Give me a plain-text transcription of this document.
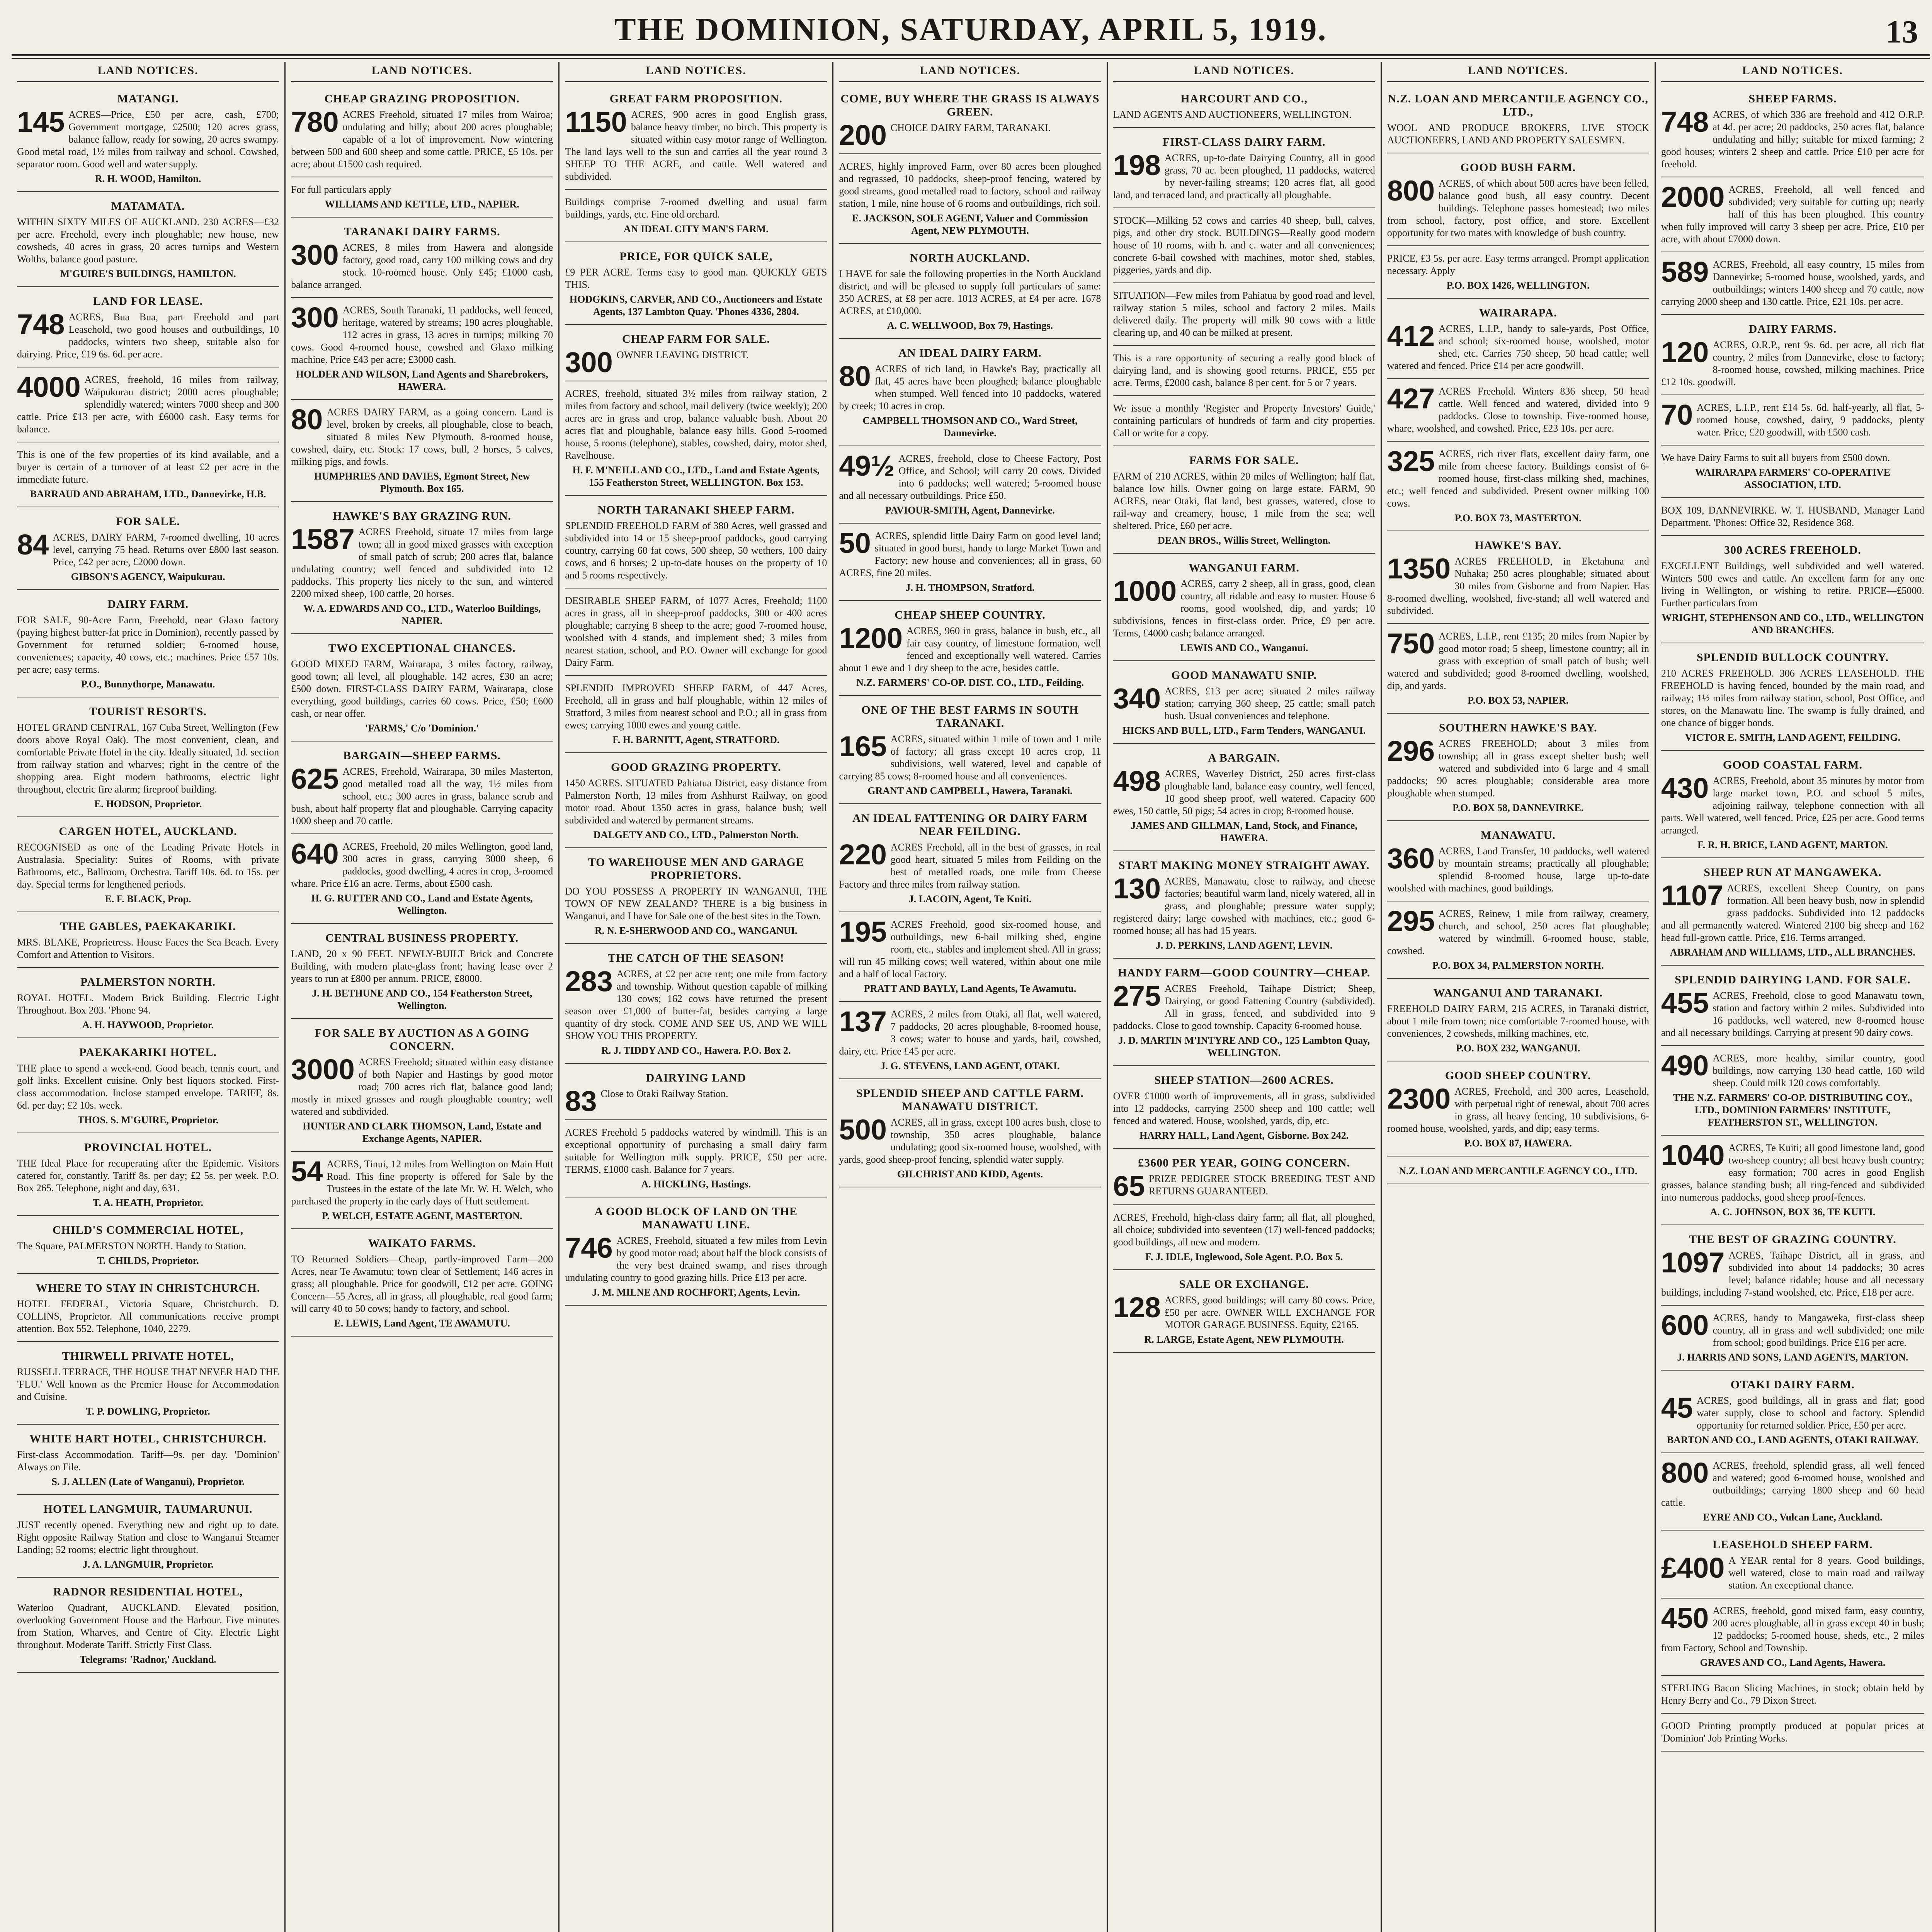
THE DOMINION, SATURDAY, APRIL 5, 1919.	13
LAND NOTICES.
MATANGI.
145 ACRES—Price, £50 per acre, cash, £700; Government mortgage, £2500; 120 acres grass, balance fallow, ready for sowing, 20 acres swampy. Good metal road, 1½ miles from railway and school. Cowshed, separator room. Good well and water supply.
R. H. WOOD, Hamilton.
MATAMATA.
WITHIN SIXTY MILES OF AUCKLAND. 230 ACRES—£32 per acre. Freehold, every inch ploughable; new house, new cowsheds, 40 acres in grass, 20 acres turnips and Western Wolths, balance good pasture.
M'GUIRE'S BUILDINGS, HAMILTON.
LAND FOR LEASE.
748 ACRES, Bua Bua, part Freehold and part Leasehold, two good houses and outbuildings, 10 paddocks, winters two sheep, suitable also for dairying. Price, £19 6s. 6d. per acre.
4000 ACRES, freehold, 16 miles from railway, Waipukurau district; 2000 acres ploughable; splendidly watered; winters 7000 sheep and 300 cattle. Price £13 per acre, with £6000 cash. Easy terms for balance.
This is one of the few properties of its kind available, and a buyer is certain of a turnover of at least £2 per acre in the immediate future.
BARRAUD AND ABRAHAM, LTD., Dannevirke, H.B.
FOR SALE.
84 ACRES, DAIRY FARM, 7-roomed dwelling, 10 acres level, carrying 75 head. Returns over £800 last season. Price, £42 per acre, £2000 down.
GIBSON'S AGENCY, Waipukurau.
DAIRY FARM.
FOR SALE, 90-Acre Farm, Freehold, near Glaxo factory (paying highest butter-fat price in Dominion), recently passed by Government for returned soldier; 6-roomed house, conveniences; capacity, 40 cows, etc.; machines. Price £57 10s. per acre; easy terms.
P.O., Bunnythorpe, Manawatu.
TOURIST RESORTS.
HOTEL GRAND CENTRAL, 167 Cuba Street, Wellington (Few doors above Royal Oak). The most convenient, clean, and comfortable Private Hotel in the city. Ideally situated, 1d. section from railway station and wharves; right in the centre of the shopping area. Eight modern bathrooms, electric light throughout, electric fire alarm; fireproof building.
E. HODSON, Proprietor.
CARGEN HOTEL, AUCKLAND.
RECOGNISED as one of the Leading Private Hotels in Australasia. Speciality: Suites of Rooms, with private Bathrooms, etc., Ballroom, Orchestra. Tariff 10s. 6d. to 15s. per day. Special terms for lengthened periods.
E. F. BLACK, Prop.
THE GABLES, PAEKAKARIKI.
MRS. BLAKE, Proprietress. House Faces the Sea Beach. Every Comfort and Attention to Visitors.
PALMERSTON NORTH.
ROYAL HOTEL. Modern Brick Building. Electric Light Throughout. Box 203. 'Phone 94.
A. H. HAYWOOD, Proprietor.
PAEKAKARIKI HOTEL.
THE place to spend a week-end. Good beach, tennis court, and golf links. Excellent cuisine. Only best liquors stocked. First-class accommodation. Inclose stamped envelope. TARIFF, 8s. 6d. per day; £2 10s. week.
THOS. S. M'GUIRE, Proprietor.
PROVINCIAL HOTEL.
THE Ideal Place for recuperating after the Epidemic. Visitors catered for, constantly. Tariff 8s. per day; £2 5s. per week. P.O. Box 265. Telephone, night and day, 631.
T. A. HEATH, Proprietor.
CHILD'S COMMERCIAL HOTEL,
The Square, PALMERSTON NORTH. Handy to Station.
T. CHILDS, Proprietor.
WHERE TO STAY IN CHRISTCHURCH.
HOTEL FEDERAL, Victoria Square, Christchurch. D. COLLINS, Proprietor. All communications receive prompt attention. Box 552. Telephone, 1040, 2279.
THIRWELL PRIVATE HOTEL,
RUSSELL TERRACE, THE HOUSE THAT NEVER HAD THE 'FLU.' Well known as the Premier House for Accommodation and Cuisine.
T. P. DOWLING, Proprietor.
WHITE HART HOTEL, CHRISTCHURCH.
First-class Accommodation. Tariff—9s. per day. 'Dominion' Always on File.
S. J. ALLEN (Late of Wanganui), Proprietor.
HOTEL LANGMUIR, TAUMARUNUI.
JUST recently opened. Everything new and right up to date. Right opposite Railway Station and close to Wanganui Steamer Landing; 52 rooms; electric light throughout.
J. A. LANGMUIR, Proprietor.
RADNOR RESIDENTIAL HOTEL,
Waterloo Quadrant, AUCKLAND. Elevated position, overlooking Government House and the Harbour. Five minutes from Station, Wharves, and Centre of City. Electric Light throughout. Moderate Tariff. Strictly First Class.
Telegrams: 'Radnor,' Auckland.
LAND NOTICES.
CHEAP GRAZING PROPOSITION.
780 ACRES Freehold, situated 17 miles from Wairoa; undulating and hilly; about 200 acres ploughable; capable of a lot of improvement. Now wintering between 500 and 600 sheep and some cattle. PRICE, £5 10s. per acre; about £1500 cash required.
For full particulars apply
WILLIAMS AND KETTLE, LTD., NAPIER.
TARANAKI DAIRY FARMS.
300 ACRES, 8 miles from Hawera and alongside factory, good road, carry 100 milking cows and dry stock. 10-roomed house. Only £45; £1000 cash, balance arranged.
300 ACRES, South Taranaki, 11 paddocks, well fenced, heritage, watered by streams; 190 acres ploughable, 112 acres in grass, 13 acres in turnips; milking 70 cows. Good 4-roomed house, cowshed and Glaxo milking machine. Price £43 per acre; £3000 cash.
HOLDER AND WILSON, Land Agents and Sharebrokers, HAWERA.
80 ACRES DAIRY FARM, as a going concern. Land is level, broken by creeks, all ploughable, close to beach, situated 8 miles New Plymouth. 8-roomed house, cowshed, dairy, etc. Stock: 17 cows, bull, 2 horses, 5 calves, milking pigs, and fowls.
HUMPHRIES AND DAVIES, Egmont Street, New Plymouth. Box 165.
HAWKE'S BAY GRAZING RUN.
1587 ACRES Freehold, situate 17 miles from large town; all in good mixed grasses with exception of small patch of scrub; 200 acres flat, balance undulating country; well fenced and subdivided into 12 paddocks. This property lies nicely to the sun, and wintered 2200 mixed sheep, 100 cattle, 20 horses.
W. A. EDWARDS AND CO., LTD., Waterloo Buildings, NAPIER.
TWO EXCEPTIONAL CHANCES.
GOOD MIXED FARM, Wairarapa, 3 miles factory, railway, good town; all level, all ploughable. 142 acres, £30 an acre; £500 down. FIRST-CLASS DAIRY FARM, Wairarapa, close everything, good buildings, carries 60 cows. Price, £50; £600 cash, or near offer.
'FARMS,' C/o 'Dominion.'
BARGAIN—SHEEP FARMS.
625 ACRES, Freehold, Wairarapa, 30 miles Masterton, good metalled road all the way, 1½ miles from school, etc.; 300 acres in grass, balance scrub and bush, about half property flat and ploughable. Carrying capacity 1000 sheep and 70 cattle.
640 ACRES, Freehold, 20 miles Wellington, good land, 300 acres in grass, carrying 3000 sheep, 6 paddocks, good dwelling, 4 acres in crop, 3-roomed whare. Price £16 an acre. Terms, about £500 cash.
H. G. RUTTER AND CO., Land and Estate Agents, Wellington.
CENTRAL BUSINESS PROPERTY.
LAND, 20 x 90 FEET. NEWLY-BUILT Brick and Concrete Building, with modern plate-glass front; having lease over 2 years to run at £800 per annum. PRICE, £8000.
J. H. BETHUNE AND CO., 154 Featherston Street, Wellington.
FOR SALE BY AUCTION AS A GOING CONCERN.
3000 ACRES Freehold; situated within easy distance of both Napier and Hastings by good motor road; 700 acres rich flat, balance good land; mostly in mixed grasses and rough ploughable country; well watered and subdivided.
HUNTER AND CLARK THOMSON, Land, Estate and Exchange Agents, NAPIER.
54 ACRES, Tinui, 12 miles from Wellington on Main Hutt Road. This fine property is offered for Sale by the Trustees in the estate of the late Mr. W. H. Welch, who purchased the property in the early days of Hutt settlement.
P. WELCH, ESTATE AGENT, MASTERTON.
WAIKATO FARMS.
TO Returned Soldiers—Cheap, partly-improved Farm—200 Acres, near Te Awamutu; town clear of Settlement; 146 acres in grass; all ploughable. Price for goodwill, £12 per acre. GOING Concern—55 Acres, all in grass, all ploughable, real good farm; will carry 40 to 50 cows; handy to factory, and school.
E. LEWIS, Land Agent, TE AWAMUTU.
LAND NOTICES.
GREAT FARM PROPOSITION.
1150 ACRES, 900 acres in good English grass, balance heavy timber, no birch. This property is situated within easy motor range of Wellington. The land lays well to the sun and carries all the year round 3 SHEEP TO THE ACRE, and cattle. Well watered and subdivided.
Buildings comprise 7-roomed dwelling and usual farm buildings, yards, etc. Fine old orchard.
AN IDEAL CITY MAN'S FARM.
PRICE, FOR QUICK SALE,
£9 PER ACRE. Terms easy to good man. QUICKLY GETS THIS.
HODGKINS, CARVER, AND CO., Auctioneers and Estate Agents, 137 Lambton Quay. 'Phones 4336, 2804.
CHEAP FARM FOR SALE.
300 OWNER LEAVING DISTRICT.
ACRES, freehold, situated 3½ miles from railway station, 2 miles from factory and school, mail delivery (twice weekly); 200 acres are in grass and crop, balance valuable bush. About 20 acres flat and ploughable, balance easy hills. Good 5-roomed house, 5 rooms (telephone), stables, cowshed, dairy, motor shed, Ravelhouse.
H. F. M'NEILL AND CO., LTD., Land and Estate Agents, 155 Featherston Street, WELLINGTON. Box 153.
NORTH TARANAKI SHEEP FARM.
SPLENDID FREEHOLD FARM of 380 Acres, well grassed and subdivided into 14 or 15 sheep-proof paddocks, good carrying country, carrying 60 fat cows, 500 sheep, 50 wethers, 100 dairy cows, and 6 horses; 2 up-to-date houses on the property of 10 and 5 rooms respectively.
DESIRABLE SHEEP FARM, of 1077 Acres, Freehold; 1100 acres in grass, all in sheep-proof paddocks, 300 or 400 acres ploughable; carrying 8 sheep to the acre; good 7-roomed house, woolshed with 4 stands, and implement shed; 3 miles from nearest station, school, and P.O. Owner will exchange for good Dairy Farm.
SPLENDID IMPROVED SHEEP FARM, of 447 Acres, Freehold, all in grass and half ploughable, within 12 miles of Stratford, 3 miles from nearest school and P.O.; all in grass from ewes; carrying 1000 ewes and young cattle.
F. H. BARNITT, Agent, STRATFORD.
GOOD GRAZING PROPERTY.
1450 ACRES. SITUATED Pahiatua District, easy distance from Palmerston North, 13 miles from Ashhurst Railway, on good motor road. About 1350 acres in grass, balance bush; well subdivided and watered by permanent streams.
DALGETY AND CO., LTD., Palmerston North.
TO WAREHOUSE MEN AND GARAGE PROPRIETORS.
DO YOU POSSESS A PROPERTY IN WANGANUI, THE TOWN OF NEW ZEALAND? THERE is a big business in Wanganui, and I have for Sale one of the best sites in the Town.
R. N. E-SHERWOOD AND CO., WANGANUI.
THE CATCH OF THE SEASON!
283 ACRES, at £2 per acre rent; one mile from factory and township. Without question capable of milking 130 cows; 162 cows have returned the present season over £1,000 of butter-fat, besides carrying a large quantity of dry stock. COME AND SEE US, AND WE WILL SHOW YOU THIS PROPERTY.
R. J. TIDDY AND CO., Hawera. P.O. Box 2.
DAIRYING LAND
83 Close to Otaki Railway Station.
ACRES Freehold 5 paddocks watered by windmill. This is an exceptional opportunity of purchasing a small dairy farm suitable for Wellington milk supply. PRICE, £50 per acre. TERMS, £1000 cash. Balance for 7 years.
A. HICKLING, Hastings.
A GOOD BLOCK OF LAND ON THE MANAWATU LINE.
746 ACRES, Freehold, situated a few miles from Levin by good motor road; about half the block consists of the very best drained swamp, and rises through undulating country to good grazing hills. Price £13 per acre.
J. M. MILNE AND ROCHFORT, Agents, Levin.
LAND NOTICES.
COME, BUY WHERE THE GRASS IS ALWAYS GREEN.
200 CHOICE DAIRY FARM, TARANAKI.
ACRES, highly improved Farm, over 80 acres been ploughed and regrassed, 10 paddocks, sheep-proof fencing, watered by good streams, good metalled road to factory, school and railway station, 1 mile, nine house of 6 rooms and outbuildings, rich soil.
E. JACKSON, SOLE AGENT, Valuer and Commission Agent, NEW PLYMOUTH.
NORTH AUCKLAND.
I HAVE for sale the following properties in the North Auckland district, and will be pleased to supply full particulars of same: 350 ACRES, at £8 per acre. 1013 ACRES, at £4 per acre. 1678 ACRES, at £10,000.
A. C. WELLWOOD, Box 79, Hastings.
AN IDEAL DAIRY FARM.
80 ACRES of rich land, in Hawke's Bay, practically all flat, 45 acres have been ploughed; balance ploughable when stumped. Well fenced into 10 paddocks, watered by creek; 10 acres in crop.
CAMPBELL THOMSON AND CO., Ward Street, Dannevirke.
49½ ACRES, freehold, close to Cheese Factory, Post Office, and School; will carry 20 cows. Divided into 6 paddocks; well watered; 5-roomed house and all necessary outbuildings. Price £50.
PAVIOUR-SMITH, Agent, Dannevirke.
50 ACRES, splendid little Dairy Farm on good level land; situated in good burst, handy to large Market Town and Factory; new house and conveniences; all in grass, 60 ACRES, fine 20 miles.
J. H. THOMPSON, Stratford.
CHEAP SHEEP COUNTRY.
1200 ACRES, 960 in grass, balance in bush, etc., all fair easy country, of limestone formation, well fenced and exceptionally well watered. Carries about 1 ewe and 1 dry sheep to the acre, besides cattle.
N.Z. FARMERS' CO-OP. DIST. CO., LTD., Feilding.
ONE OF THE BEST FARMS IN SOUTH TARANAKI.
165 ACRES, situated within 1 mile of town and 1 mile of factory; all grass except 10 acres crop, 11 subdivisions, well watered, level and capable of carrying 85 cows; 8-roomed house and all conveniences.
GRANT AND CAMPBELL, Hawera, Taranaki.
AN IDEAL FATTENING OR DAIRY FARM NEAR FEILDING.
220 ACRES Freehold, all in the best of grasses, in real good heart, situated 5 miles from Feilding on the best of metalled roads, one mile from Cheese Factory and three miles from railway station.
J. LACOIN, Agent, Te Kuiti.
195 ACRES Freehold, good six-roomed house, and outbuildings, new 6-bail milking shed, engine room, etc., stables and implement shed. All in grass; will run 45 milking cows; well watered, within about one mile and a half of local Factory.
PRATT AND BAYLY, Land Agents, Te Awamutu.
137 ACRES, 2 miles from Otaki, all flat, well watered, 7 paddocks, 20 acres ploughable, 8-roomed house, 3 cows; water to house and yards, bail, cowshed, dairy, etc. Price £45 per acre.
J. G. STEVENS, LAND AGENT, OTAKI.
SPLENDID SHEEP AND CATTLE FARM. MANAWATU DISTRICT.
500 ACRES, all in grass, except 100 acres bush, close to township, 350 acres ploughable, balance undulating; good six-roomed house, woolshed, with yards, good sheep-proof fencing, splendid water supply.
GILCHRIST AND KIDD, Agents.
LAND NOTICES.
HARCOURT AND CO.,
LAND AGENTS AND AUCTIONEERS, WELLINGTON.
FIRST-CLASS DAIRY FARM.
198 ACRES, up-to-date Dairying Country, all in good grass, 70 ac. been ploughed, 11 paddocks, watered by never-failing streams; 120 acres flat, all good land, and terraced land, and practically all ploughable.
STOCK—Milking 52 cows and carries 40 sheep, bull, calves, pigs, and other dry stock. BUILDINGS—Really good modern house of 10 rooms, with h. and c. water and all conveniences; concrete 6-bail cowshed with machines, motor shed, stables, piggeries, yards and dip.
SITUATION—Few miles from Pahiatua by good road and level, railway station 5 miles, school and factory 2 miles. Mails delivered daily. The property will milk 90 cows with a little clearing up, and 40 can be milked at present.
This is a rare opportunity of securing a really good block of dairying land, and is showing good returns. PRICE, £55 per acre. Terms, £2000 cash, balance 8 per cent. for 5 or 7 years.
We issue a monthly 'Register and Property Investors' Guide,' containing particulars of hundreds of farm and city properties. Call or write for a copy.
FARMS FOR SALE.
FARM of 210 ACRES, within 20 miles of Wellington; half flat, balance low hills. Owner going on large estate. FARM, 90 ACRES, near Otaki, flat land, best grasses, watered, close to rail-way and creamery, house, 1 mile from the sea; well sheltered. Price, £60 per acre.
DEAN BROS., Willis Street, Wellington.
WANGANUI FARM.
1000 ACRES, carry 2 sheep, all in grass, good, clean country, all ridable and easy to muster. House 6 rooms, good woolshed, dip, and yards; 10 subdivisions, fences in first-class order. Price, £9 per acre. Terms, £4000 cash; balance arranged.
LEWIS AND CO., Wanganui.
GOOD MANAWATU SNIP.
340 ACRES, £13 per acre; situated 2 miles railway station; carrying 360 sheep, 25 cattle; small patch bush. Usual conveniences and telephone.
HICKS AND BULL, LTD., Farm Tenders, WANGANUI.
A BARGAIN.
498 ACRES, Waverley District, 250 acres first-class ploughable land, balance easy country, well fenced, 10 good sheep proof, well watered. Capacity 600 ewes, 150 cattle, 50 pigs; 54 acres in crop; 8-roomed house.
JAMES AND GILLMAN, Land, Stock, and Finance, HAWERA.
START MAKING MONEY STRAIGHT AWAY.
130 ACRES, Manawatu, close to railway, and cheese factories; beautiful warm land, nicely watered, all in grass, and ploughable; pressure water supply; registered dairy; large cowshed with machines, etc.; good 6-roomed house; all has had 15 years.
J. D. PERKINS, LAND AGENT, LEVIN.
HANDY FARM—GOOD COUNTRY—CHEAP.
275 ACRES Freehold, Taihape District; Sheep, Dairying, or good Fattening Country (subdivided). All in grass, fenced, and subdivided into 9 paddocks. Close to good township. Capacity 6-roomed house.
J. D. MARTIN M'INTYRE AND CO., 125 Lambton Quay, WELLINGTON.
SHEEP STATION—2600 ACRES.
OVER £1000 worth of improvements, all in grass, subdivided into 12 paddocks, carrying 2500 sheep and 100 cattle; well fenced and watered. House, woolshed, yards, dip, etc.
HARRY HALL, Land Agent, Gisborne. Box 242.
£3600 PER YEAR, GOING CONCERN.
65 PRIZE PEDIGREE STOCK BREEDING TEST AND RETURNS GUARANTEED.
ACRES, Freehold, high-class dairy farm; all flat, all ploughed, all choice; subdivided into seventeen (17) well-fenced paddocks; good buildings, all new and modern.
F. J. IDLE, Inglewood, Sole Agent. P.O. Box 5.
SALE OR EXCHANGE.
128 ACRES, good buildings; will carry 80 cows. Price, £50 per acre. OWNER WILL EXCHANGE FOR MOTOR GARAGE BUSINESS. Equity, £2165.
R. LARGE, Estate Agent, NEW PLYMOUTH.
LAND NOTICES.
N.Z. LOAN AND MERCANTILE AGENCY CO., LTD.,
WOOL AND PRODUCE BROKERS, LIVE STOCK AUCTIONEERS, LAND AND PROPERTY SALESMEN.
GOOD BUSH FARM.
800 ACRES, of which about 500 acres have been felled, balance good bush, all easy country. Decent buildings. Telephone passes homestead; two miles from school, factory, post office, and store. Excellent opportunity for two mates with knowledge of bush country.
PRICE, £3 5s. per acre. Easy terms arranged. Prompt application necessary. Apply
P.O. BOX 1426, WELLINGTON.
WAIRARAPA.
412 ACRES, L.I.P., handy to sale-yards, Post Office, and school; six-roomed house, woolshed, motor shed, etc. Carries 750 sheep, 50 head cattle; well watered and fenced. Price £14 per acre goodwill.
427 ACRES Freehold. Winters 836 sheep, 50 head cattle. Well fenced and watered, divided into 9 paddocks. Close to township. Five-roomed house, whare, woolshed, and cowshed. Price, £23 10s. per acre.
325 ACRES, rich river flats, excellent dairy farm, one mile from cheese factory. Buildings consist of 6-roomed house, first-class milking shed, machines, etc.; well fenced and subdivided. Present owner milking 100 cows.
P.O. BOX 73, MASTERTON.
HAWKE'S BAY.
1350 ACRES FREEHOLD, in Eketahuna and Nuhaka; 250 acres ploughable; situated about 30 miles from Gisborne and from Napier. Has 8-roomed dwelling, woolshed, five-stand; all well watered and subdivided.
750 ACRES, L.I.P., rent £135; 20 miles from Napier by good motor road; 5 sheep, limestone country; all in grass with exception of small patch of bush; well watered and subdivided; good 8-roomed dwelling, woolshed, dip, and yards.
P.O. BOX 53, NAPIER.
SOUTHERN HAWKE'S BAY.
296 ACRES FREEHOLD; about 3 miles from township; all in grass except shelter bush; well watered and subdivided into 6 large and 4 small paddocks; 90 acres ploughable; considerable area more ploughable when stumped.
P.O. BOX 58, DANNEVIRKE.
MANAWATU.
360 ACRES, Land Transfer, 10 paddocks, well watered by mountain streams; practically all ploughable; splendid 8-roomed house, large up-to-date woolshed with machines, good buildings.
295 ACRES, Reinew, 1 mile from railway, creamery, church, and school, 250 acres flat ploughable; watered by windmill. 6-roomed house, stable, cowshed.
P.O. BOX 34, PALMERSTON NORTH.
WANGANUI AND TARANAKI.
FREEHOLD DAIRY FARM, 215 ACRES, in Taranaki district, about 1 mile from town; nice comfortable 7-roomed house, with conveniences, 2 cowsheds, milking machines, etc.
P.O. BOX 232, WANGANUI.
GOOD SHEEP COUNTRY.
2300 ACRES, Freehold, and 300 acres, Leasehold, with perpetual right of renewal, about 700 acres in grass, all heavy fencing, 10 subdivisions, 6-roomed house, woolshed, yards, and dip; easy terms.
P.O. BOX 87, HAWERA.
N.Z. LOAN AND MERCANTILE AGENCY CO., LTD.
LAND NOTICES.
SHEEP FARMS.
748 ACRES, of which 336 are freehold and 412 O.R.P. at 4d. per acre; 20 paddocks, 250 acres flat, balance undulating and hilly; suitable for mixed farming; 2 good houses; winters 2 sheep and cattle. Price £10 per acre for freehold.
2000 ACRES, Freehold, all well fenced and subdivided; very suitable for cutting up; nearly half of this has been ploughed. This country when fully improved will carry 3 sheep per acre. Price, £10 per acre, with about £7000 down.
589 ACRES, Freehold, all easy country, 15 miles from Dannevirke; 5-roomed house, woolshed, yards, and outbuildings; winters 1400 sheep and 70 cattle, now carrying 2000 sheep and 130 cattle. Price, £21 10s. per acre.
DAIRY FARMS.
120 ACRES, O.R.P., rent 9s. 6d. per acre, all rich flat country, 2 miles from Dannevirke, close to factory; 8-roomed house, cowshed, milking machines. Price £12 10s. goodwill.
70 ACRES, L.I.P., rent £14 5s. 6d. half-yearly, all flat, 5-roomed house, cowshed, dairy, 9 paddocks, plenty water. Price, £20 goodwill, with £500 cash.
We have Dairy Farms to suit all buyers from £500 down.
WAIRARAPA FARMERS' CO-OPERATIVE ASSOCIATION, LTD.
BOX 109, DANNEVIRKE. W. T. HUSBAND, Manager Land Department. 'Phones: Office 32, Residence 368.
300 ACRES FREEHOLD.
EXCELLENT Buildings, well subdivided and well watered. Winters 500 ewes and cattle. An excellent farm for any one living in Wellington, or wishing to retire. PRICE—£5000. Further particulars from
WRIGHT, STEPHENSON AND CO., LTD., WELLINGTON AND BRANCHES.
SPLENDID BULLOCK COUNTRY.
210 ACRES FREEHOLD. 306 ACRES LEASEHOLD. THE FREEHOLD is having fenced, bounded by the main road, and railway; 1½ miles from railway station, school, Post Office, and stores, on the Manawatu line. The swamp is fully drained, and one chance of bigger bonds.
VICTOR E. SMITH, LAND AGENT, FEILDING.
GOOD COASTAL FARM.
430 ACRES, Freehold, about 35 minutes by motor from large market town, P.O. and school 5 miles, adjoining railway, telephone connection with all parts. Well watered, well fenced. Price, £25 per acre. Good terms arranged.
F. R. H. BRICE, LAND AGENT, MARTON.
SHEEP RUN AT MANGAWEKA.
1107 ACRES, excellent Sheep Country, on pans formation. All been heavy bush, now in splendid grass paddocks. Subdivided into 12 paddocks and all permanently watered. Wintered 2100 big sheep and 162 head full-grown cattle. Price, £16. Terms arranged.
ABRAHAM AND WILLIAMS, LTD., ALL BRANCHES.
SPLENDID DAIRYING LAND. FOR SALE.
455 ACRES, Freehold, close to good Manawatu town, station and factory within 2 miles. Subdivided into 16 paddocks, well watered, new 8-roomed house and all necessary buildings. Carrying at present 90 dairy cows.
490 ACRES, more healthy, similar country, good buildings, now carrying 130 head cattle, 160 wild sheep. Could milk 120 cows comfortably.
THE N.Z. FARMERS' CO-OP. DISTRIBUTING COY., LTD., DOMINION FARMERS' INSTITUTE, FEATHERSTON ST., WELLINGTON.
1040 ACRES, Te Kuiti; all good limestone land, good two-sheep country; all best heavy bush country; easy formation; 700 acres in good English grasses, balance standing bush; all ring-fenced and subdivided into numerous paddocks, good sheep proof-fences.
A. C. JOHNSON, BOX 36, TE KUITI.
THE BEST OF GRAZING COUNTRY.
1097 ACRES, Taihape District, all in grass, and subdivided into about 14 paddocks; 30 acres level; balance ridable; house and all necessary buildings, including 7-stand woolshed, etc. Price, £18 per acre.
600 ACRES, handy to Mangaweka, first-class sheep country, all in grass and well subdivided; one mile from school; good buildings. Price £16 per acre.
J. HARRIS AND SONS, LAND AGENTS, MARTON.
OTAKI DAIRY FARM.
45 ACRES, good buildings, all in grass and flat; good water supply, close to school and factory. Splendid opportunity for returned soldier. Price, £50 per acre.
BARTON AND CO., LAND AGENTS, OTAKI RAILWAY.
800 ACRES, freehold, splendid grass, all well fenced and watered; good 6-roomed house, woolshed and outbuildings; carrying 1800 sheep and 60 head cattle.
EYRE AND CO., Vulcan Lane, Auckland.
LEASEHOLD SHEEP FARM.
£400 A YEAR rental for 8 years. Good buildings, well watered, close to main road and railway station. An exceptional chance.
450 ACRES, freehold, good mixed farm, easy country, 200 acres ploughable, all in grass except 40 in bush; 12 paddocks; 5-roomed house, sheds, etc., 2 miles from Factory, School and Township.
GRAVES AND CO., Land Agents, Hawera.
STERLING Bacon Slicing Machines, in stock; obtain held by Henry Berry and Co., 79 Dixon Street.
GOOD Printing promptly produced at popular prices at 'Dominion' Job Printing Works.
